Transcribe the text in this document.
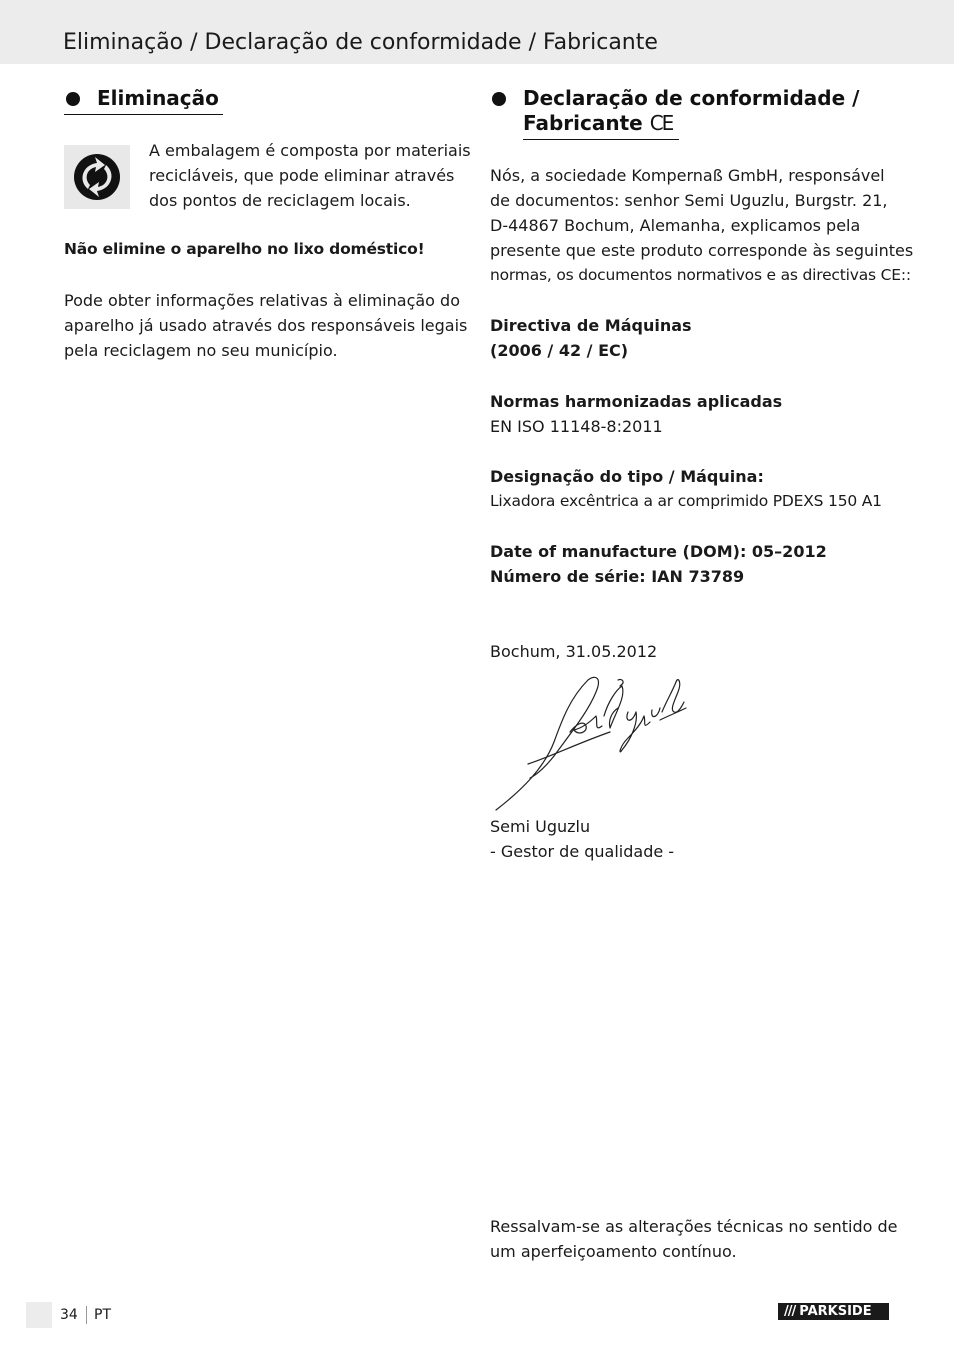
Eliminação / Declaração de conformidade / Fabricante
Eliminação
A embalagem é composta por materiais
recicláveis, que pode eliminar através
dos pontos de reciclagem locais.
Não elimine o aparelho no lixo doméstico!
Pode obter informações relativas à eliminação do
aparelho já usado através dos responsáveis legais
pela reciclagem no seu município.
Declaração de conformidade /
Fabricante CE
Nós, a sociedade Kompernaß GmbH, responsável
de documentos: senhor Semi Uguzlu, Burgstr. 21,
D-44867 Bochum, Alemanha, explicamos pela
presente que este produto corresponde às seguintes
normas, os documentos normativos e as directivas CE::
Directiva de Máquinas
(2006 / 42 / EC)
Normas harmonizadas aplicadas
EN ISO 11148-8:2011
Designação do tipo / Máquina:
Lixadora excêntrica a ar comprimido PDEXS 150 A1
Date of manufacture (DOM): 05–2012
Número de série: IAN 73789
Bochum, 31.05.2012
Semi Uguzlu
- Gestor de qualidade -
Ressalvam-se as alterações técnicas no sentido de
um aperfeiçoamento contínuo.
34 PT	/// PARKSIDE
